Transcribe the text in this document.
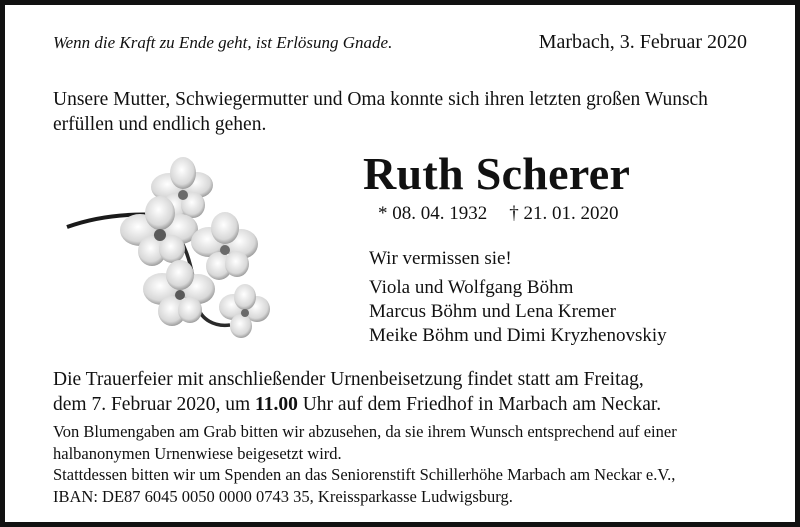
Wenn die Kraft zu Ende geht, ist Erlösung Gnade.	Marbach, 3. Februar 2020
Unsere Mutter, Schwiegermutter und Oma konnte sich ihren letzten großen Wunsch
erfüllen und endlich gehen.
Ruth Scherer
* 08. 04. 1932 † 21. 01. 2020
Wir vermissen sie!
Viola und Wolfgang Böhm
Marcus Böhm und Lena Kremer
Meike Böhm und Dimi Kryzhenovskiy
Die Trauerfeier mit anschließender Urnenbeisetzung findet statt am Freitag,
dem 7. Februar 2020, um 11.00 Uhr auf dem Friedhof in Marbach am Neckar.
Von Blumengaben am Grab bitten wir abzusehen, da sie ihrem Wunsch entsprechend auf einer
halbanonymen Urnenwiese beigesetzt wird.
Stattdessen bitten wir um Spenden an das Seniorenstift Schillerhöhe Marbach am Neckar e.V.,
IBAN: DE87 6045 0050 0000 0743 35, Kreissparkasse Ludwigsburg.
